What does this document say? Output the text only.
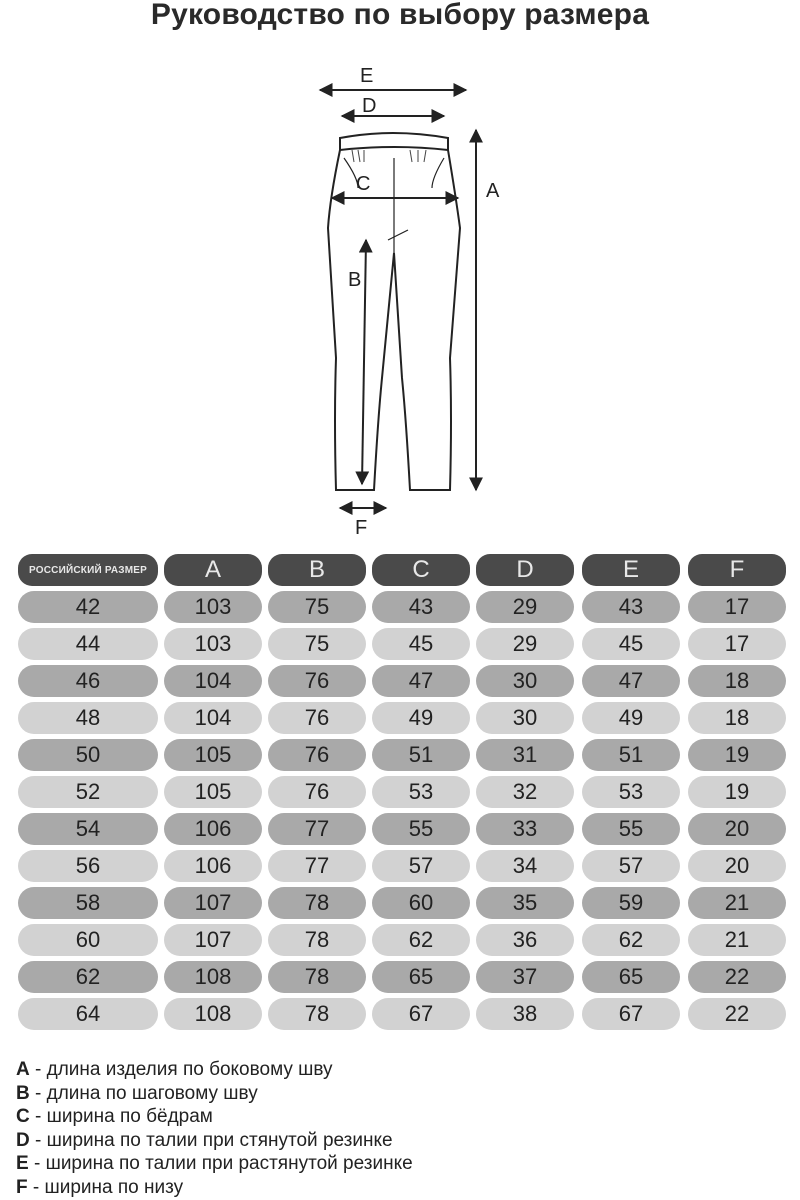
Руководство по выбору размера
E
D
C	A
B
F
РОССИЙСКИЙ РАЗМЕР	A	B	C	D	E	F
42	103	75	43	29	43	17
44	103	75	45	29	45	17
46	104	76	47	30	47	18
48	104	76	49	30	49	18
50	105	76	51	31	51	19
52	105	76	53	32	53	19
54	106	77	55	33	55	20
56	106	77	57	34	57	20
58	107	78	60	35	59	21
60	107	78	62	36	62	21
62	108	78	65	37	65	22
64	108	78	67	38	67	22
A - длина изделия по боковому шву
B - длина по шаговому шву
C - ширина по бёдрам
D - ширина по талии при стянутой резинке
E - ширина по талии при растянутой резинке
F - ширина по низу
